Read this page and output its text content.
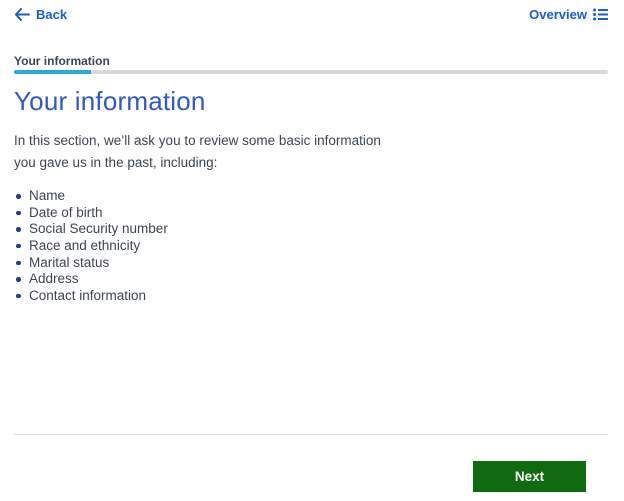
Back	Overview
Your information
Your information

In this section, we’ll ask you to review some basic information you gave us in the past, including:

Name
Date of birth
Social Security number
Race and ethnicity
Marital status
Address
Contact information
Next
